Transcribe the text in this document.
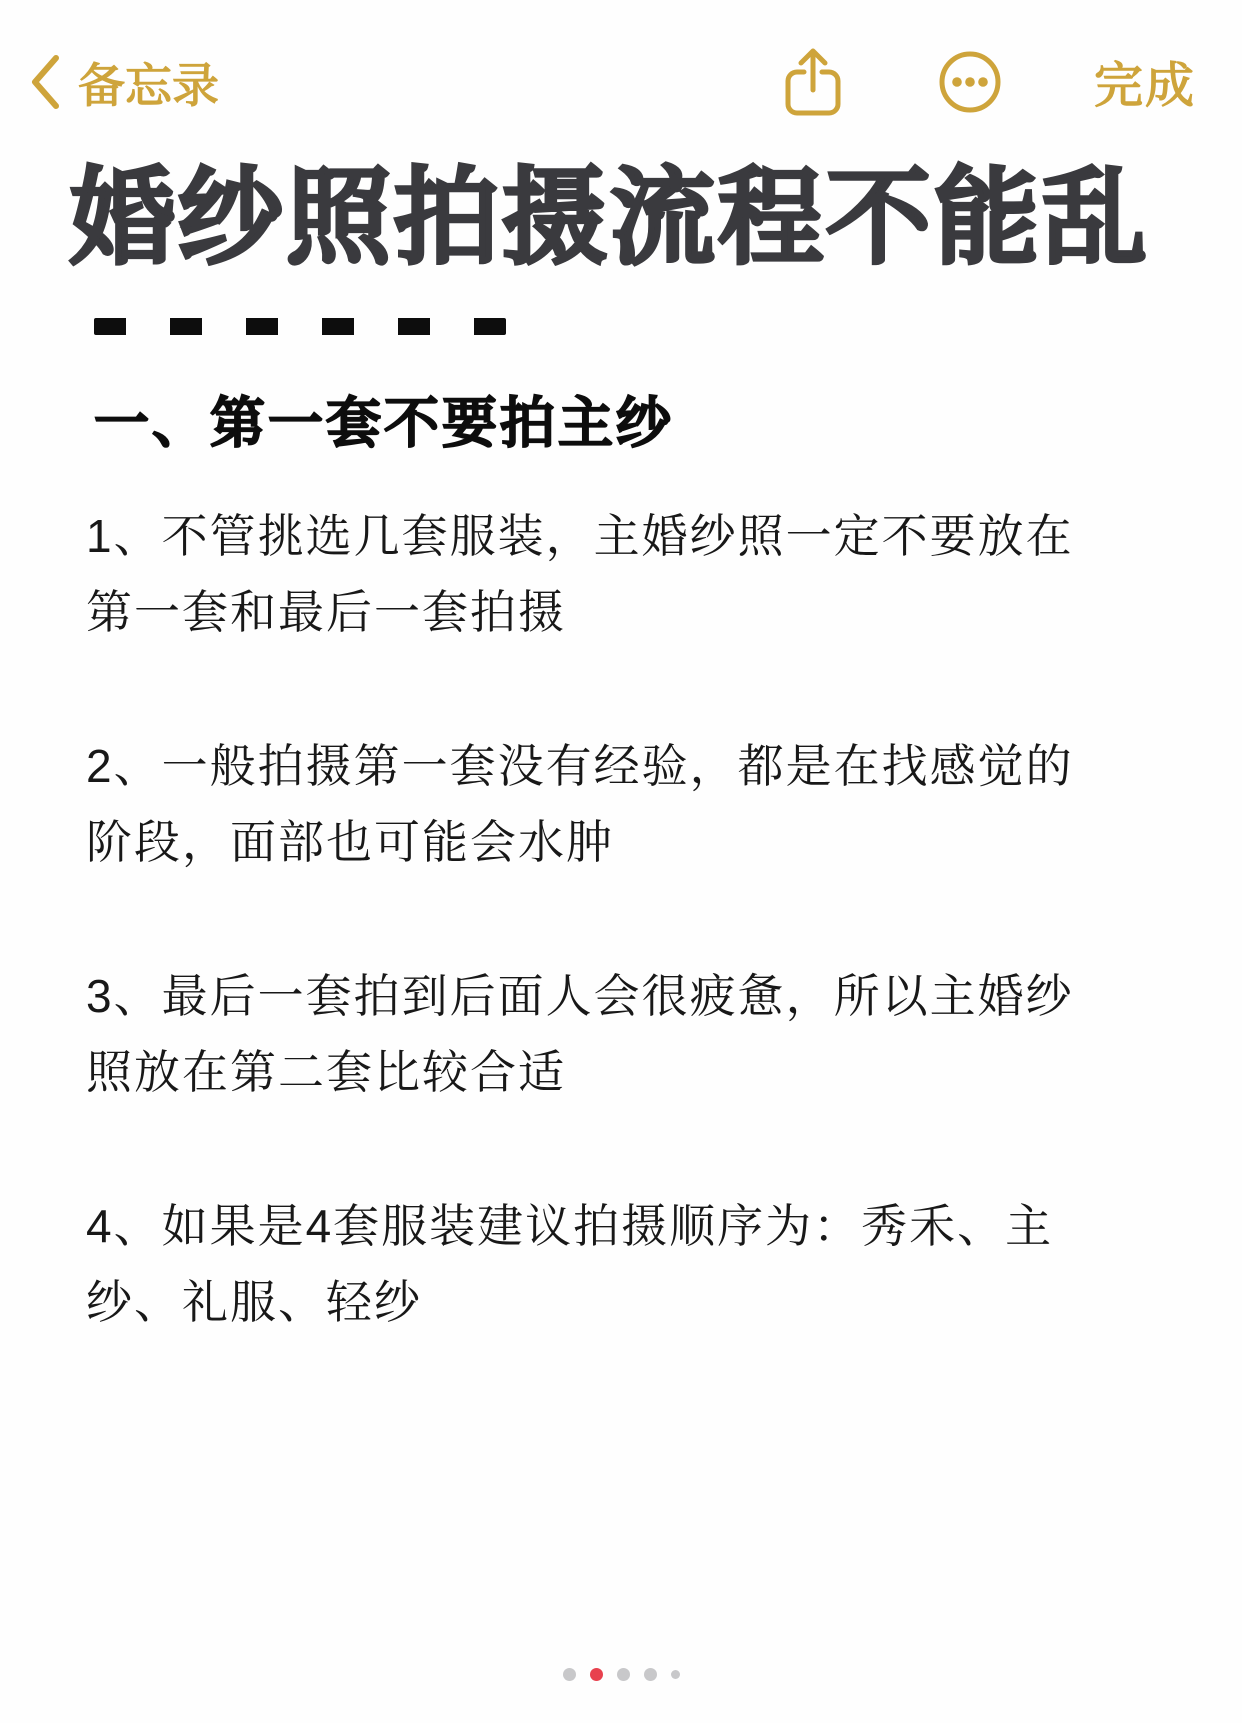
备忘录	完成
婚纱照拍摄流程不能乱
一、第一套不要拍主纱
1、不管挑选几套服装，主婚纱照一定不要放在第一套和最后一套拍摄
2、一般拍摄第一套没有经验，都是在找感觉的阶段，面部也可能会水肿
3、最后一套拍到后面人会很疲惫，所以主婚纱照放在第二套比较合适
4、如果是4套服装建议拍摄顺序为：秀禾、主纱、礼服、轻纱
